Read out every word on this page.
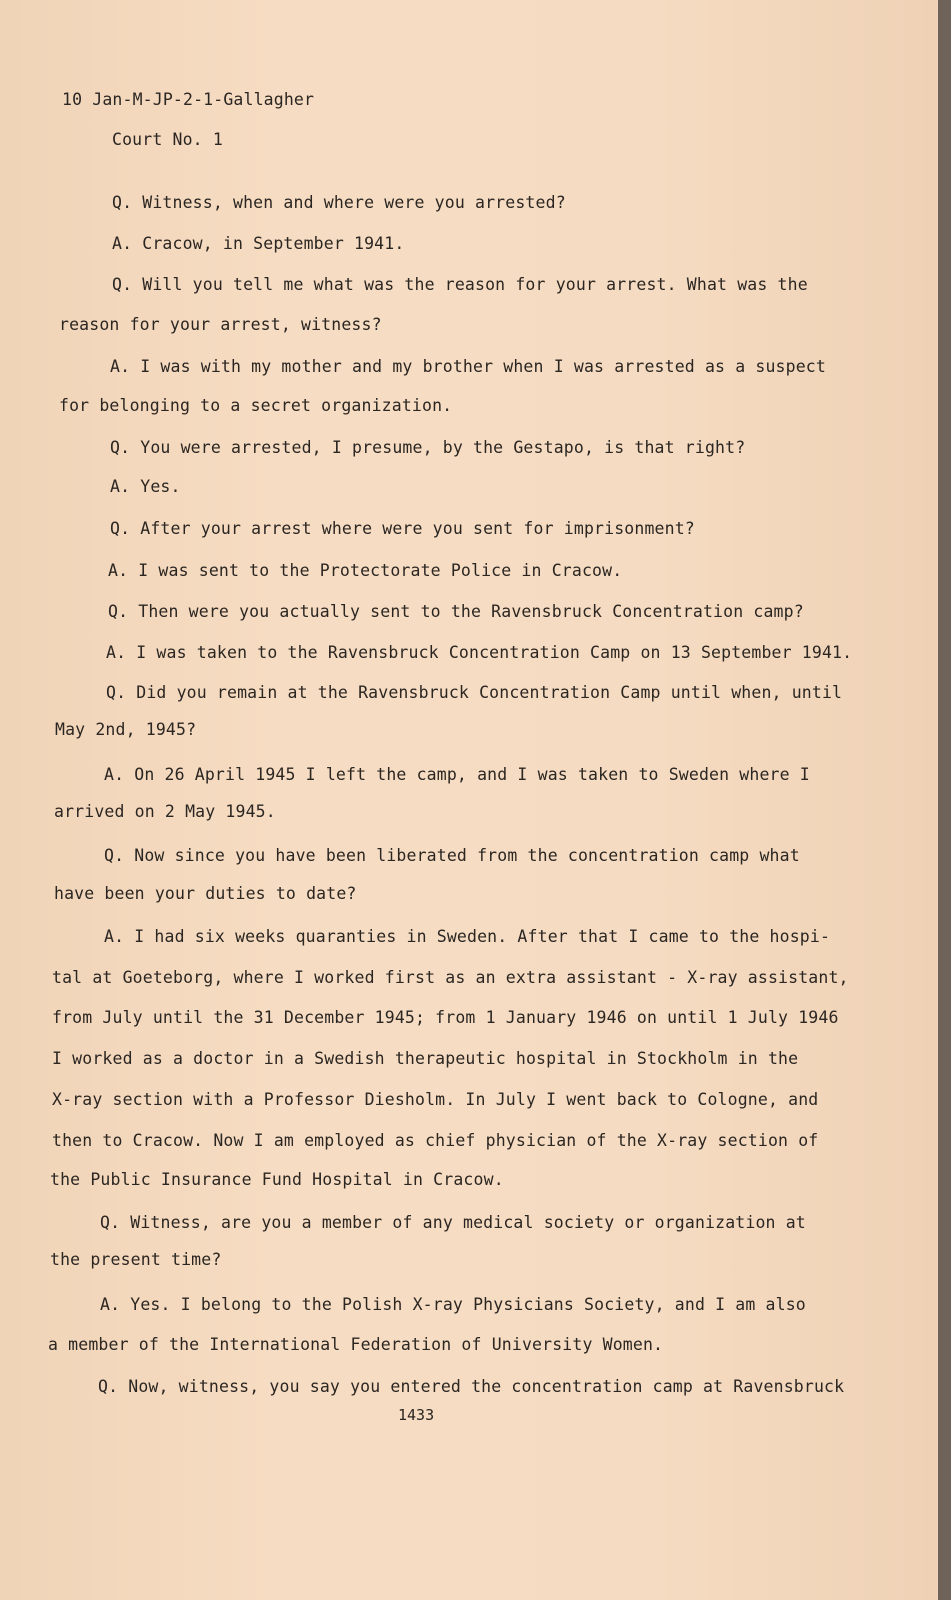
10 Jan-M-JP-2-1-Gallagher

Court No. 1

Q. Witness, when and where were you arrested?

A. Cracow, in September 1941.

Q. Will you tell me what was the reason for your arrest. What was the

reason for your arrest, witness?

A. I was with my mother and my brother when I was arrested as a suspect

for belonging to a secret organization.

Q. You were arrested, I presume, by the Gestapo, is that right?

A. Yes.

Q. After your arrest where were you sent for imprisonment?

A. I was sent to the Protectorate Police in Cracow.

Q. Then were you actually sent to the Ravensbruck Concentration camp?

A. I was taken to the Ravensbruck Concentration Camp on 13 September 1941.

Q. Did you remain at the Ravensbruck Concentration Camp until when, until

May 2nd, 1945?

A. On 26 April 1945 I left the camp, and I was taken to Sweden where I

arrived on 2 May 1945.

Q. Now since you have been liberated from the concentration camp what

have been your duties to date?

A. I had six weeks quaranties in Sweden. After that I came to the hospi-

tal at Goeteborg, where I worked first as an extra assistant - X-ray assistant,

from July until the 31 December 1945; from 1 January 1946 on until 1 July 1946

I worked as a doctor in a Swedish therapeutic hospital in Stockholm in the

X-ray section with a Professor Diesholm. In July I went back to Cologne, and

then to Cracow. Now I am employed as chief physician of the X-ray section of

the Public Insurance Fund Hospital in Cracow.

Q. Witness, are you a member of any medical society or organization at

the present time?

A. Yes. I belong to the Polish X-ray Physicians Society, and I am also

a member of the International Federation of University Women.

Q. Now, witness, you say you entered the concentration camp at Ravensbruck

1433
